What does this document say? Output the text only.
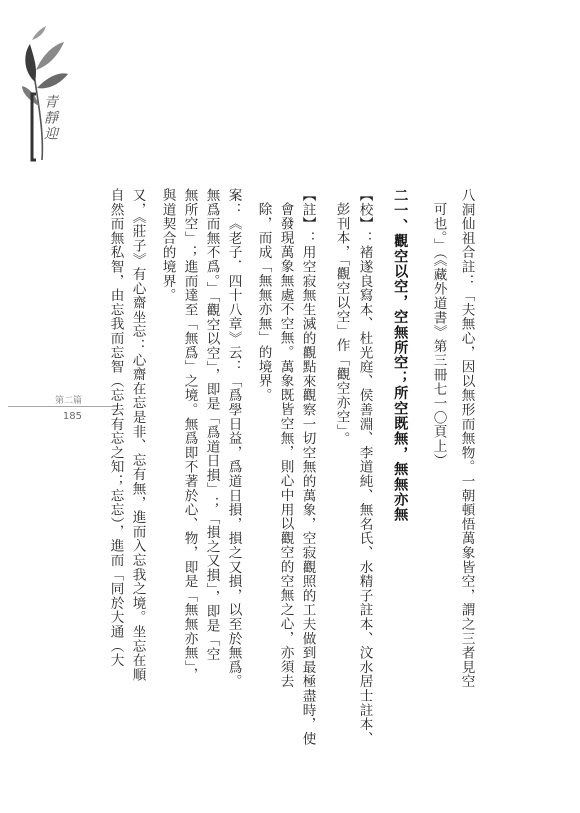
青靜迎
第二篇
185	八洞仙祖合註：「夫無心，因以無形而無物。一朝頓悟萬象皆空，謂之三者見空
可也。」（《藏外道書》第三冊七一〇頁上）
二一、觀空以空，空無所空；所空既無，無無亦無
【校】：褚遂良寫本、杜光庭、侯善淵、李道純、無名氏、水精子註本、汶水居士註本、
彭刊本，「觀空以空」作「觀空亦空」。
【註】：用空寂無生滅的觀點來觀察一切空無的萬象，空寂觀照的工夫做到最極盡時，使
會發現萬象無處不空無。萬象既皆空無，則心中用以觀空的空無之心，亦須去
除，而成「無無亦無」的境界。
案：《老子．四十八章》云：「爲學日益，爲道日損，損之又損，以至於無爲。
無爲而無不爲。」「觀空以空」，即是「爲道日損」；「損之又損」，即是「空
無所空」；進而達至「無爲」之境。無爲即不著於心、物，即是「無無亦無」，
與道契合的境界。
又，《莊子》有心齋坐忘：心齋在忘是非、忘有無，進而入忘我之境。坐忘在順
自然而無私智，由忘我而忘智（忘去有忘之知；忘忘），進而「同於大通（大
